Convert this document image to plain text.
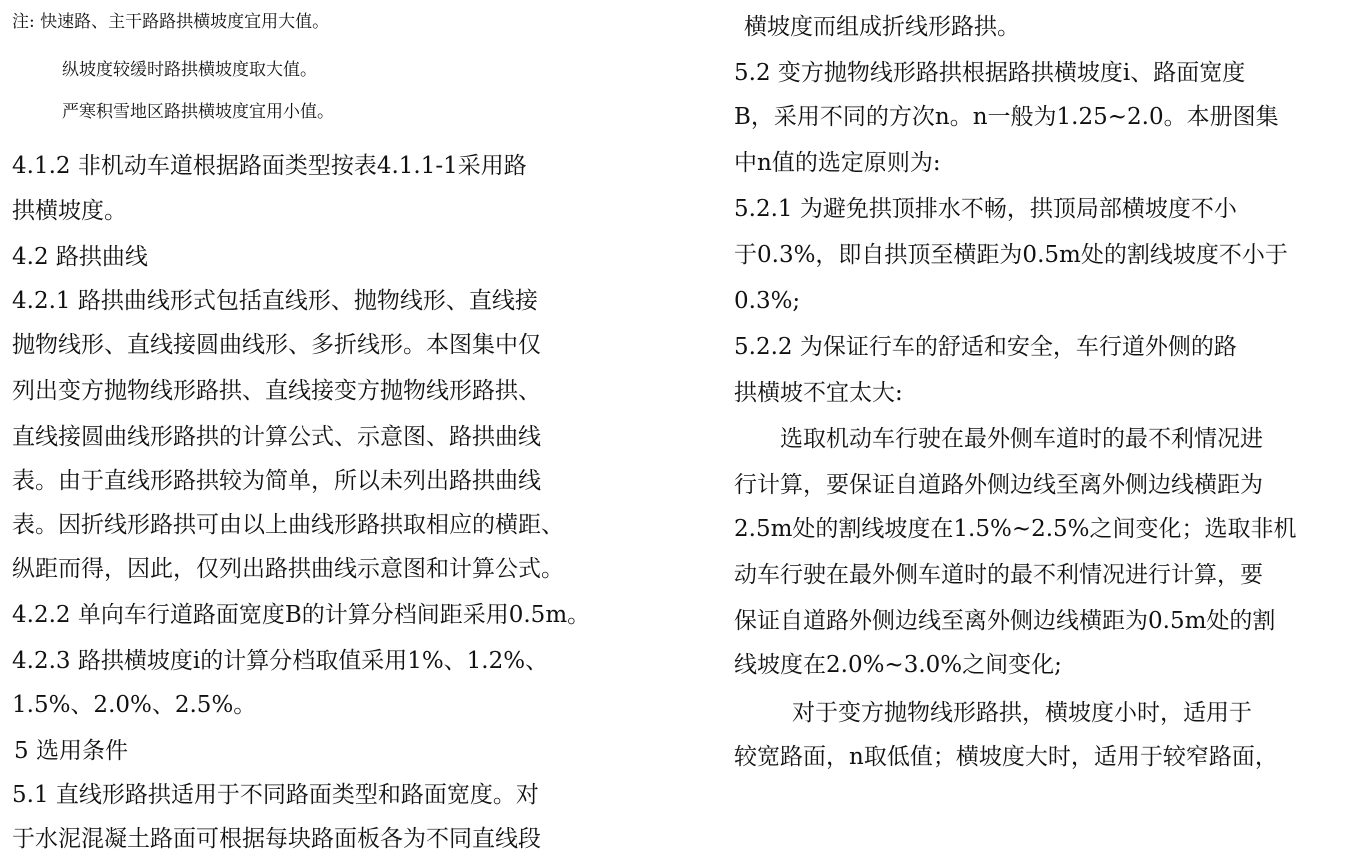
注: 快速路、主干路路拱横坡度宜用大值。
纵坡度较缓时路拱横坡度取大值。
严寒积雪地区路拱横坡度宜用小值。
4.1.2 非机动车道根据路面类型按表4.1.1-1采用路
拱横坡度。
4.2 路拱曲线
4.2.1 路拱曲线形式包括直线形、抛物线形、直线接
抛物线形、直线接圆曲线形、多折线形。本图集中仅
列出变方抛物线形路拱、直线接变方抛物线形路拱、
直线接圆曲线形路拱的计算公式、示意图、路拱曲线
表。由于直线形路拱较为简单，所以未列出路拱曲线
表。因折线形路拱可由以上曲线形路拱取相应的横距、
纵距而得，因此，仅列出路拱曲线示意图和计算公式。
4.2.2 单向车行道路面宽度B的计算分档间距采用0.5m。
4.2.3 路拱横坡度i的计算分档取值采用1%、1.2%、
1.5%、2.0%、2.5%。
5 选用条件
5.1 直线形路拱适用于不同路面类型和路面宽度。对
于水泥混凝土路面可根据每块路面板各为不同直线段
横坡度而组成折线形路拱。
5.2 变方抛物线形路拱根据路拱横坡度i、路面宽度
B，采用不同的方次n。n一般为1.25~2.0。本册图集
中n值的选定原则为:
5.2.1 为避免拱顶排水不畅，拱顶局部横坡度不小
于0.3%，即自拱顶至横距为0.5m处的割线坡度不小于
0.3%;
5.2.2 为保证行车的舒适和安全，车行道外侧的路
拱横坡不宜太大:
选取机动车行驶在最外侧车道时的最不利情况进
行计算，要保证自道路外侧边线至离外侧边线横距为
2.5m处的割线坡度在1.5%~2.5%之间变化；选取非机
动车行驶在最外侧车道时的最不利情况进行计算，要
保证自道路外侧边线至离外侧边线横距为0.5m处的割
线坡度在2.0%~3.0%之间变化;
对于变方抛物线形路拱，横坡度小时，适用于
较宽路面，n取低值；横坡度大时，适用于较窄路面，
